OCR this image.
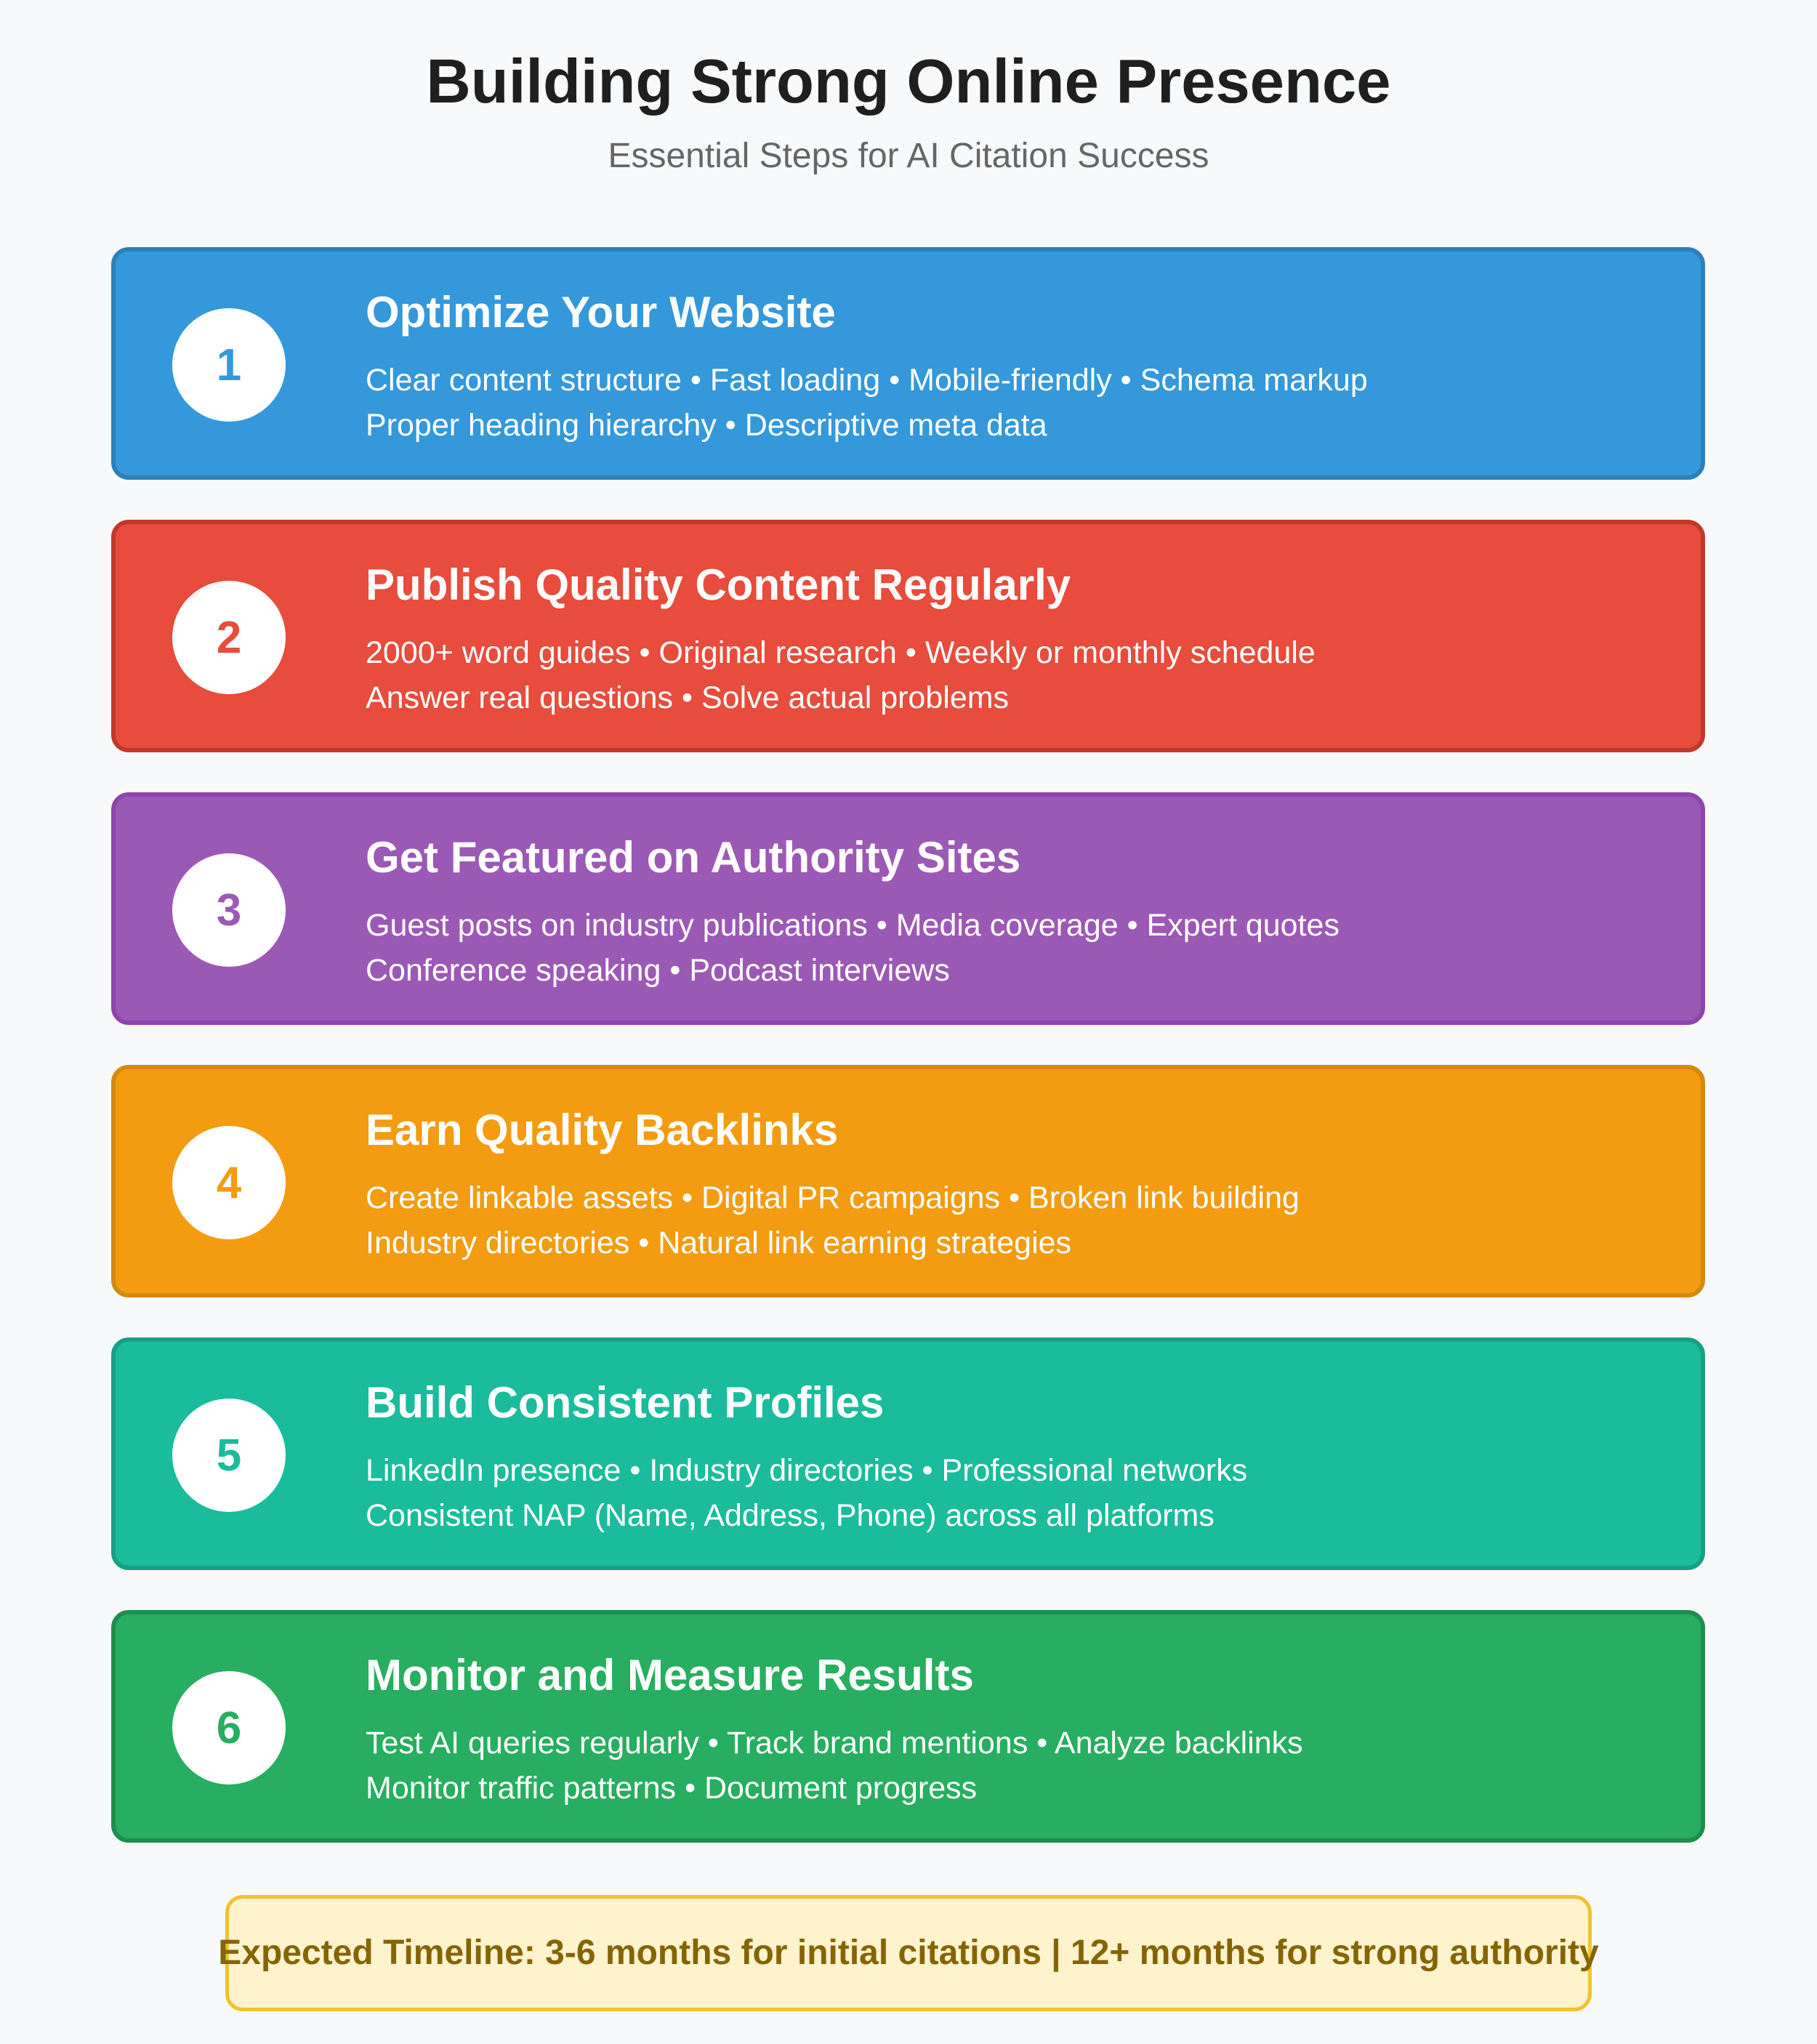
Building Strong Online Presence
Essential Steps for AI Citation Success
1
Optimize Your Website
Clear content structure • Fast loading • Mobile-friendly • Schema markup
Proper heading hierarchy • Descriptive meta data
2
Publish Quality Content Regularly
2000+ word guides • Original research • Weekly or monthly schedule
Answer real questions • Solve actual problems
3
Get Featured on Authority Sites
Guest posts on industry publications • Media coverage • Expert quotes
Conference speaking • Podcast interviews
4
Earn Quality Backlinks
Create linkable assets • Digital PR campaigns • Broken link building
Industry directories • Natural link earning strategies
5
Build Consistent Profiles
LinkedIn presence • Industry directories • Professional networks
Consistent NAP (Name, Address, Phone) across all platforms
6
Monitor and Measure Results
Test AI queries regularly • Track brand mentions • Analyze backlinks
Monitor traffic patterns • Document progress
Expected Timeline: 3-6 months for initial citations | 12+ months for strong authority
